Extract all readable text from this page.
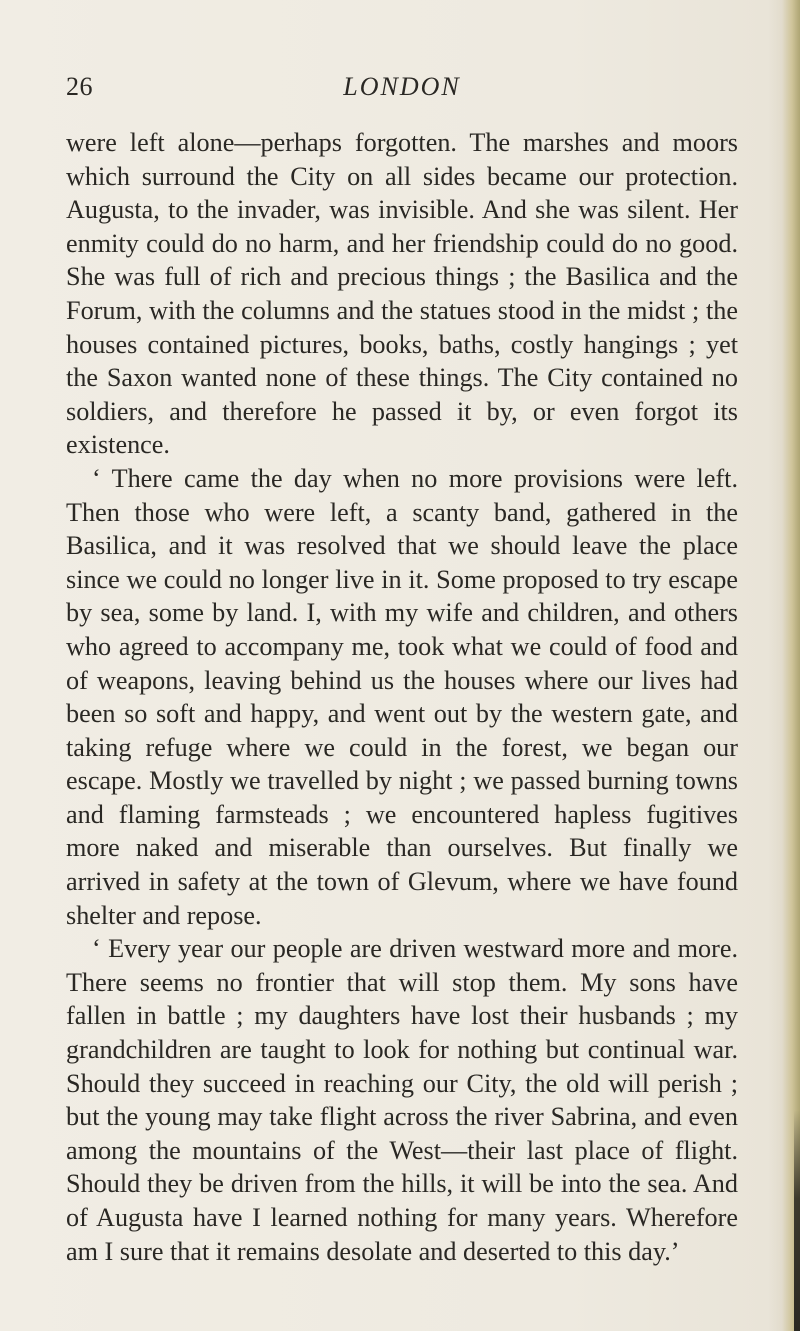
26	LONDON

were left alone—perhaps forgotten. The marshes and moors which surround the City on all sides became our protection. Augusta, to the invader, was invisible. And she was silent. Her enmity could do no harm, and her friendship could do no good. She was full of rich and precious things ; the Basilica and the Forum, with the columns and the statues stood in the midst ; the houses contained pictures, books, baths, costly hangings ; yet the Saxon wanted none of these things. The City contained no soldiers, and therefore he passed it by, or even forgot its existence.

‘ There came the day when no more provisions were left. Then those who were left, a scanty band, gathered in the Basilica, and it was resolved that we should leave the place since we could no longer live in it. Some proposed to try escape by sea, some by land. I, with my wife and children, and others who agreed to accompany me, took what we could of food and of weapons, leaving behind us the houses where our lives had been so soft and happy, and went out by the western gate, and taking refuge where we could in the forest, we began our escape. Mostly we travelled by night ; we passed burning towns and flaming farmsteads ; we encountered hapless fugitives more naked and miserable than ourselves. But finally we arrived in safety at the town of Glevum, where we have found shelter and repose.

‘ Every year our people are driven westward more and more. There seems no frontier that will stop them. My sons have fallen in battle ; my daughters have lost their husbands ; my grandchildren are taught to look for nothing but continual war. Should they succeed in reaching our City, the old will perish ; but the young may take flight across the river Sabrina, and even among the mountains of the West—their last place of flight. Should they be driven from the hills, it will be into the sea. And of Augusta have I learned nothing for many years. Wherefore am I sure that it remains desolate and deserted to this day.’
